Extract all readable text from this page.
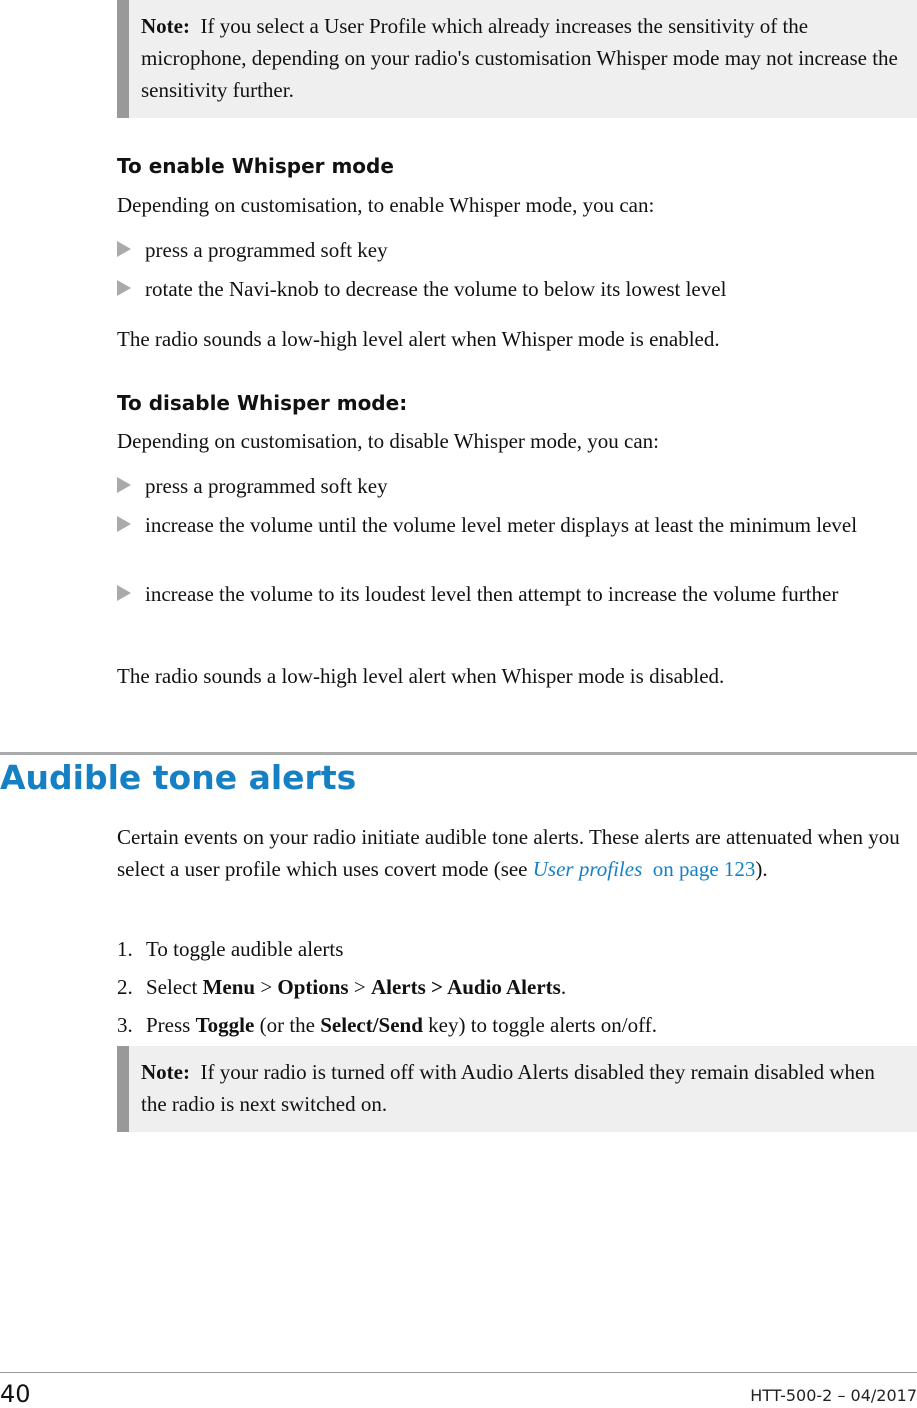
Note: If you select a User Profile which already increases the sensitivity of the microphone, depending on your radio's customisation Whisper mode may not increase the sensitivity further.
To enable Whisper mode
Depending on customisation, to enable Whisper mode, you can:
press a programmed soft key
rotate the Navi-knob to decrease the volume to below its lowest level
The radio sounds a low-high level alert when Whisper mode is enabled.
To disable Whisper mode:
Depending on customisation, to disable Whisper mode, you can:
press a programmed soft key
increase the volume until the volume level meter displays at least the minimum level
increase the volume to its loudest level then attempt to increase the volume further
The radio sounds a low-high level alert when Whisper mode is disabled.
Audible tone alerts
Certain events on your radio initiate audible tone alerts. These alerts are attenuated when you select a user profile which uses covert mode (see User profiles on page 123).
1. To toggle audible alerts
2. Select Menu > Options > Alerts > Audio Alerts.
3. Press Toggle (or the Select/Send key) to toggle alerts on/off.
Note: If your radio is turned off with Audio Alerts disabled they remain disabled when the radio is next switched on.
40	HTT-500-2 – 04/2017
